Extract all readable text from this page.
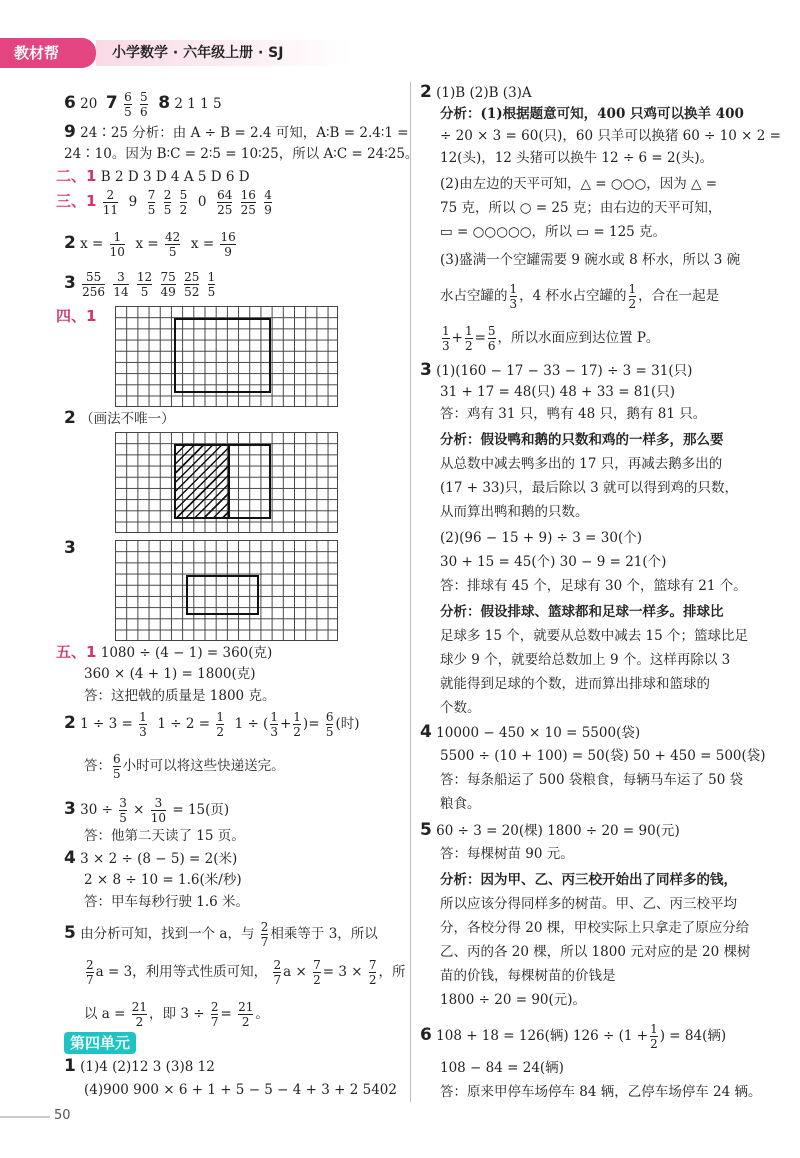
教材帮	小学数学 · 六年级上册 · SJ
6 20 $7 \frac{6}{5}$
$\frac{5}{6} 8$ 2 1 1 5
9 24∶25 分析：由 A ÷ B = 2.4 可知，A∶B = 2.4∶1 =
24∶10。因为 B∶C = 2∶5 = 10∶25，所以 A∶C = 24∶25。
二、1 B 2 D 3 D 4 A 5 D 6 D
三、$1 \frac{2}{11} 9 \frac{7}{5}$
$\frac{2}{5}$
$\frac{5}{2} 0 \frac{64}{25}$
$\frac{16}{25}$
$\frac{4}{9}$
2 $x = \frac{1}{10}$ $x = \frac{42}{5}$ $x = \frac{16}{9}$
$3 \frac{55}{256}$
$\frac{3}{14}$
$\frac{12}{5}$
$\frac{75}{49}$
$\frac{25}{52}$
$\frac{1}{5}$
四、1
2 （画法不唯一）
3
五、1 1080 ÷ (4 − 1) = 360(克)
360 × (4 + 1) = 1800(克)
答：这把戟的质量是 1800 克。
2 $1 \div 3 = \frac{1}{3} 1 \div 2 = \frac{1}{2} 1$ ÷ ( $\frac{1}{3} + \frac{1}{2}$ )= $\frac{6}{5}$ (时)
答： $\frac{6}{5}$ 小时可以将这些快递送完。
3 $30 \div \frac{3}{5} \times \frac{3}{10} = 15$(页)
答：他第二天读了 15 页。
4 3 × 2 ÷ (8 − 5) = 2(米)
2 × 8 ÷ 10 = 1.6(米/秒)
答：甲车每秒行驶 1.6 米。
5 由分析可知，找到一个 a，与 $\frac{2}{7}$ 相乘等于 3，所以
$\frac{2}{7}$ a = 3，利用等式性质可知， $\frac{2}{7}$ $a \times \frac{7}{2} = 3 \times \frac{7}{2}$ ，所
以 $a = \frac{21}{2}$ ，即 $3 \div \frac{2}{7} = \frac{21}{2}$ 。
1 (1)4 (2)12 3 (3)8 12
(4)900 900 × 6 + 1 + 5 − 5 − 4 + 3 + 2 5402
第四单元
2 (1)B (2)B (3)A
分析：(1)根据题意可知，400 只鸡可以换羊 400
÷ 20 × 3 = 60(只)，60 只羊可以换猪 60 ÷ 10 × 2 =
12(头)，12 头猪可以换牛 12 ÷ 6 = 2(头)。
(2)由左边的天平可知，△ = ○○○，因为 △ =
75 克，所以 ○ = 25 克；由右边的天平可知，
▭ = ○○○○○，所以 ▭ = 125 克。
(3)盛满一个空罐需要 9 碗水或 8 杯水，所以 3 碗
水占空罐的 $\frac{1}{3}$ ，4 杯水占空罐的 $\frac{1}{2}$ ，合在一起是
$\frac{1}{3} + \frac{1}{2} = \frac{5}{6}$ ，所以水面应到达位置 P。
3 (1)(160 − 17 − 33 − 17) ÷ 3 = 31(只)
31 + 17 = 48(只) 48 + 33 = 81(只)
答：鸡有 31 只，鸭有 48 只，鹅有 81 只。
分析：假设鸭和鹅的只数和鸡的一样多，那么要
从总数中减去鸭多出的 17 只，再减去鹅多出的
(17 + 33)只，最后除以 3 就可以得到鸡的只数，
从而算出鸭和鹅的只数。
(2)(96 − 15 + 9) ÷ 3 = 30(个)
30 + 15 = 45(个) 30 − 9 = 21(个)
答：排球有 45 个，足球有 30 个，篮球有 21 个。
分析：假设排球、篮球都和足球一样多。排球比
足球多 15 个，就要从总数中减去 15 个；篮球比足
球少 9 个，就要给总数加上 9 个。这样再除以 3
就能得到足球的个数，进而算出排球和篮球的
个数。
4 10000 − 450 × 10 = 5500(袋)
5500 ÷ (10 + 100) = 50(袋) 50 + 450 = 500(袋)
答：每条船运了 500 袋粮食，每辆马车运了 50 袋
粮食。
5 60 ÷ 3 = 20(棵) 1800 ÷ 20 = 90(元)
答：每棵树苗 90 元。
分析：因为甲、乙、丙三校开始出了同样多的钱，
所以应该分得同样多的树苗。甲、乙、丙三校平均
分，各校分得 20 棵，甲校实际上只拿走了原应分给
乙、丙的各 20 棵，所以 1800 元对应的是 20 棵树
苗的价钱，每棵树苗的价钱是
1800 ÷ 20 = 90(元)。
6 108 + 18 = 126(辆) $126 \div (1 + \frac{1}{2}$ ) = 84(辆)
108 − 84 = 24(辆)
答：原来甲停车场停车 84 辆，乙停车场停车 24 辆。
50
